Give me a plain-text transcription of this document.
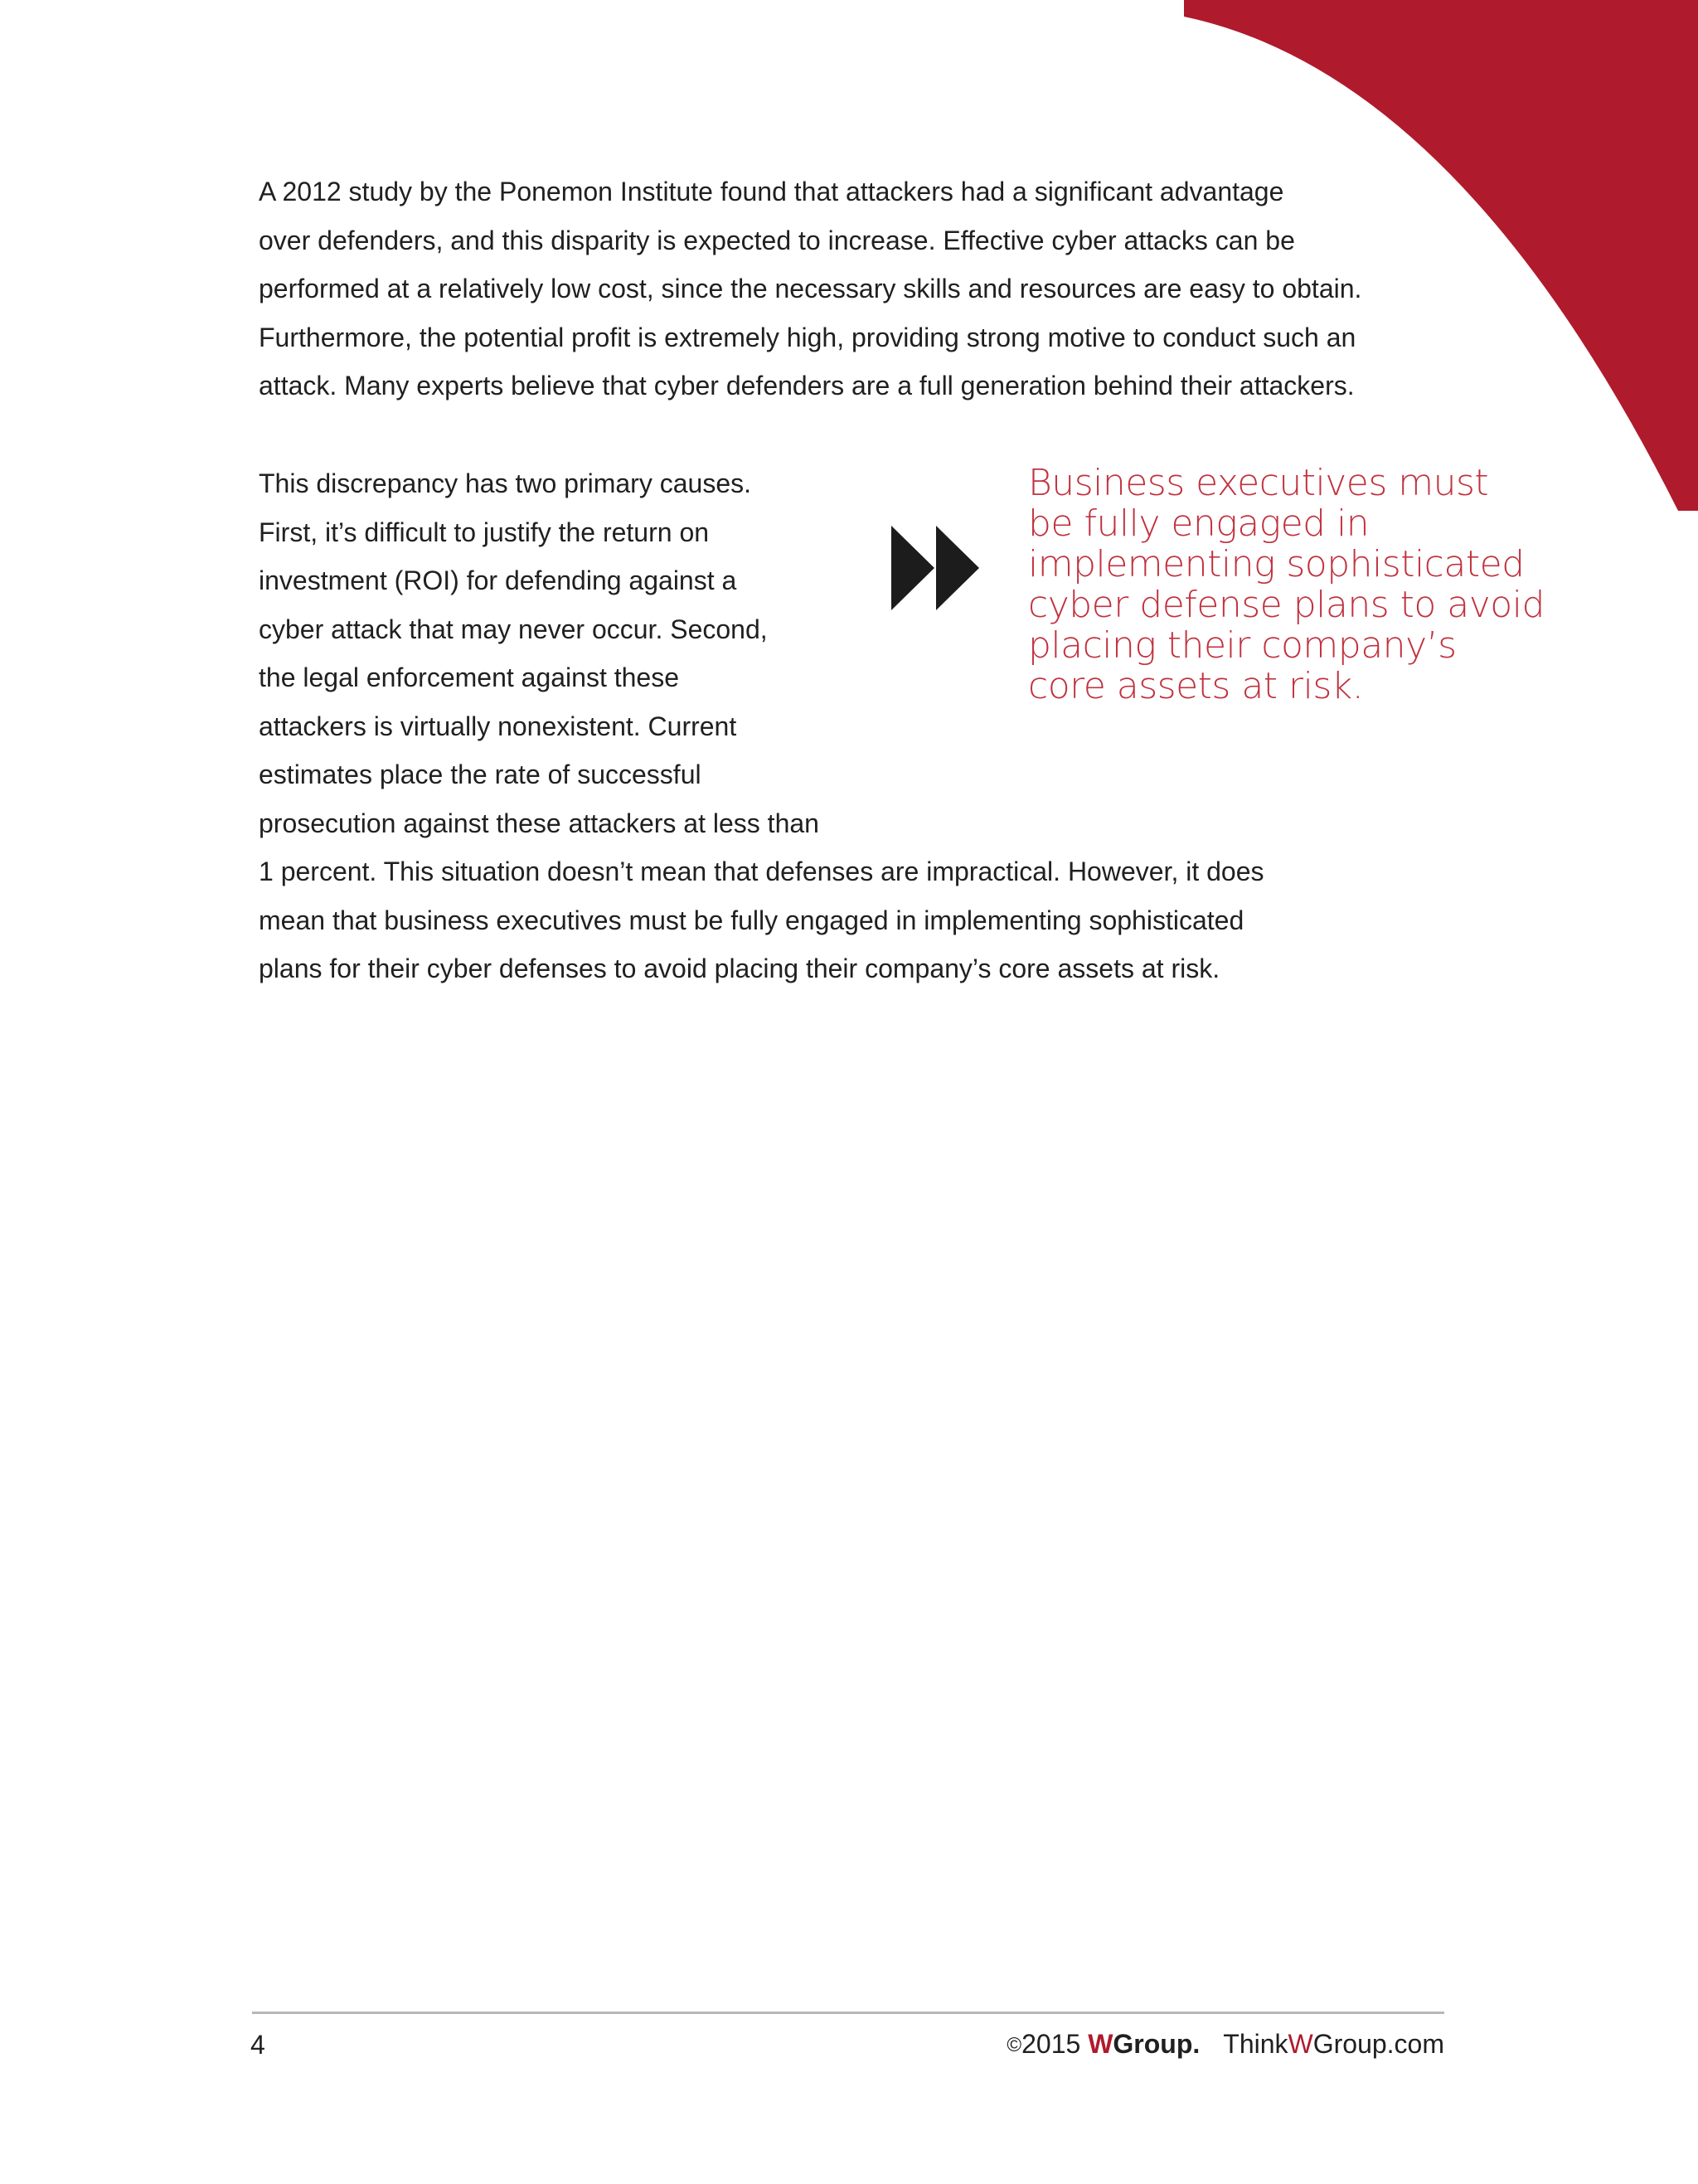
A 2012 study by the Ponemon Institute found that attackers had a significant advantage
over defenders, and this disparity is expected to increase. Effective cyber attacks can be
performed at a relatively low cost, since the necessary skills and resources are easy to obtain.
Furthermore, the potential profit is extremely high, providing strong motive to conduct such an
attack. Many experts believe that cyber defenders are a full generation behind their attackers.
This discrepancy has two primary causes.
First, it’s difficult to justify the return on
investment (ROI) for defending against a
cyber attack that may never occur. Second,
the legal enforcement against these
attackers is virtually nonexistent. Current
estimates place the rate of successful
prosecution against these attackers at less than
1 percent. This situation doesn’t mean that defenses are impractical. However, it does
mean that business executives must be fully engaged in implementing sophisticated
plans for their cyber defenses to avoid placing their company’s core assets at risk.
Business executives must
be fully engaged in
implementing sophisticated
cyber defense plans to avoid
placing their company’s
core assets at risk.
4	©2015 WGroup. ThinkWGroup.com
